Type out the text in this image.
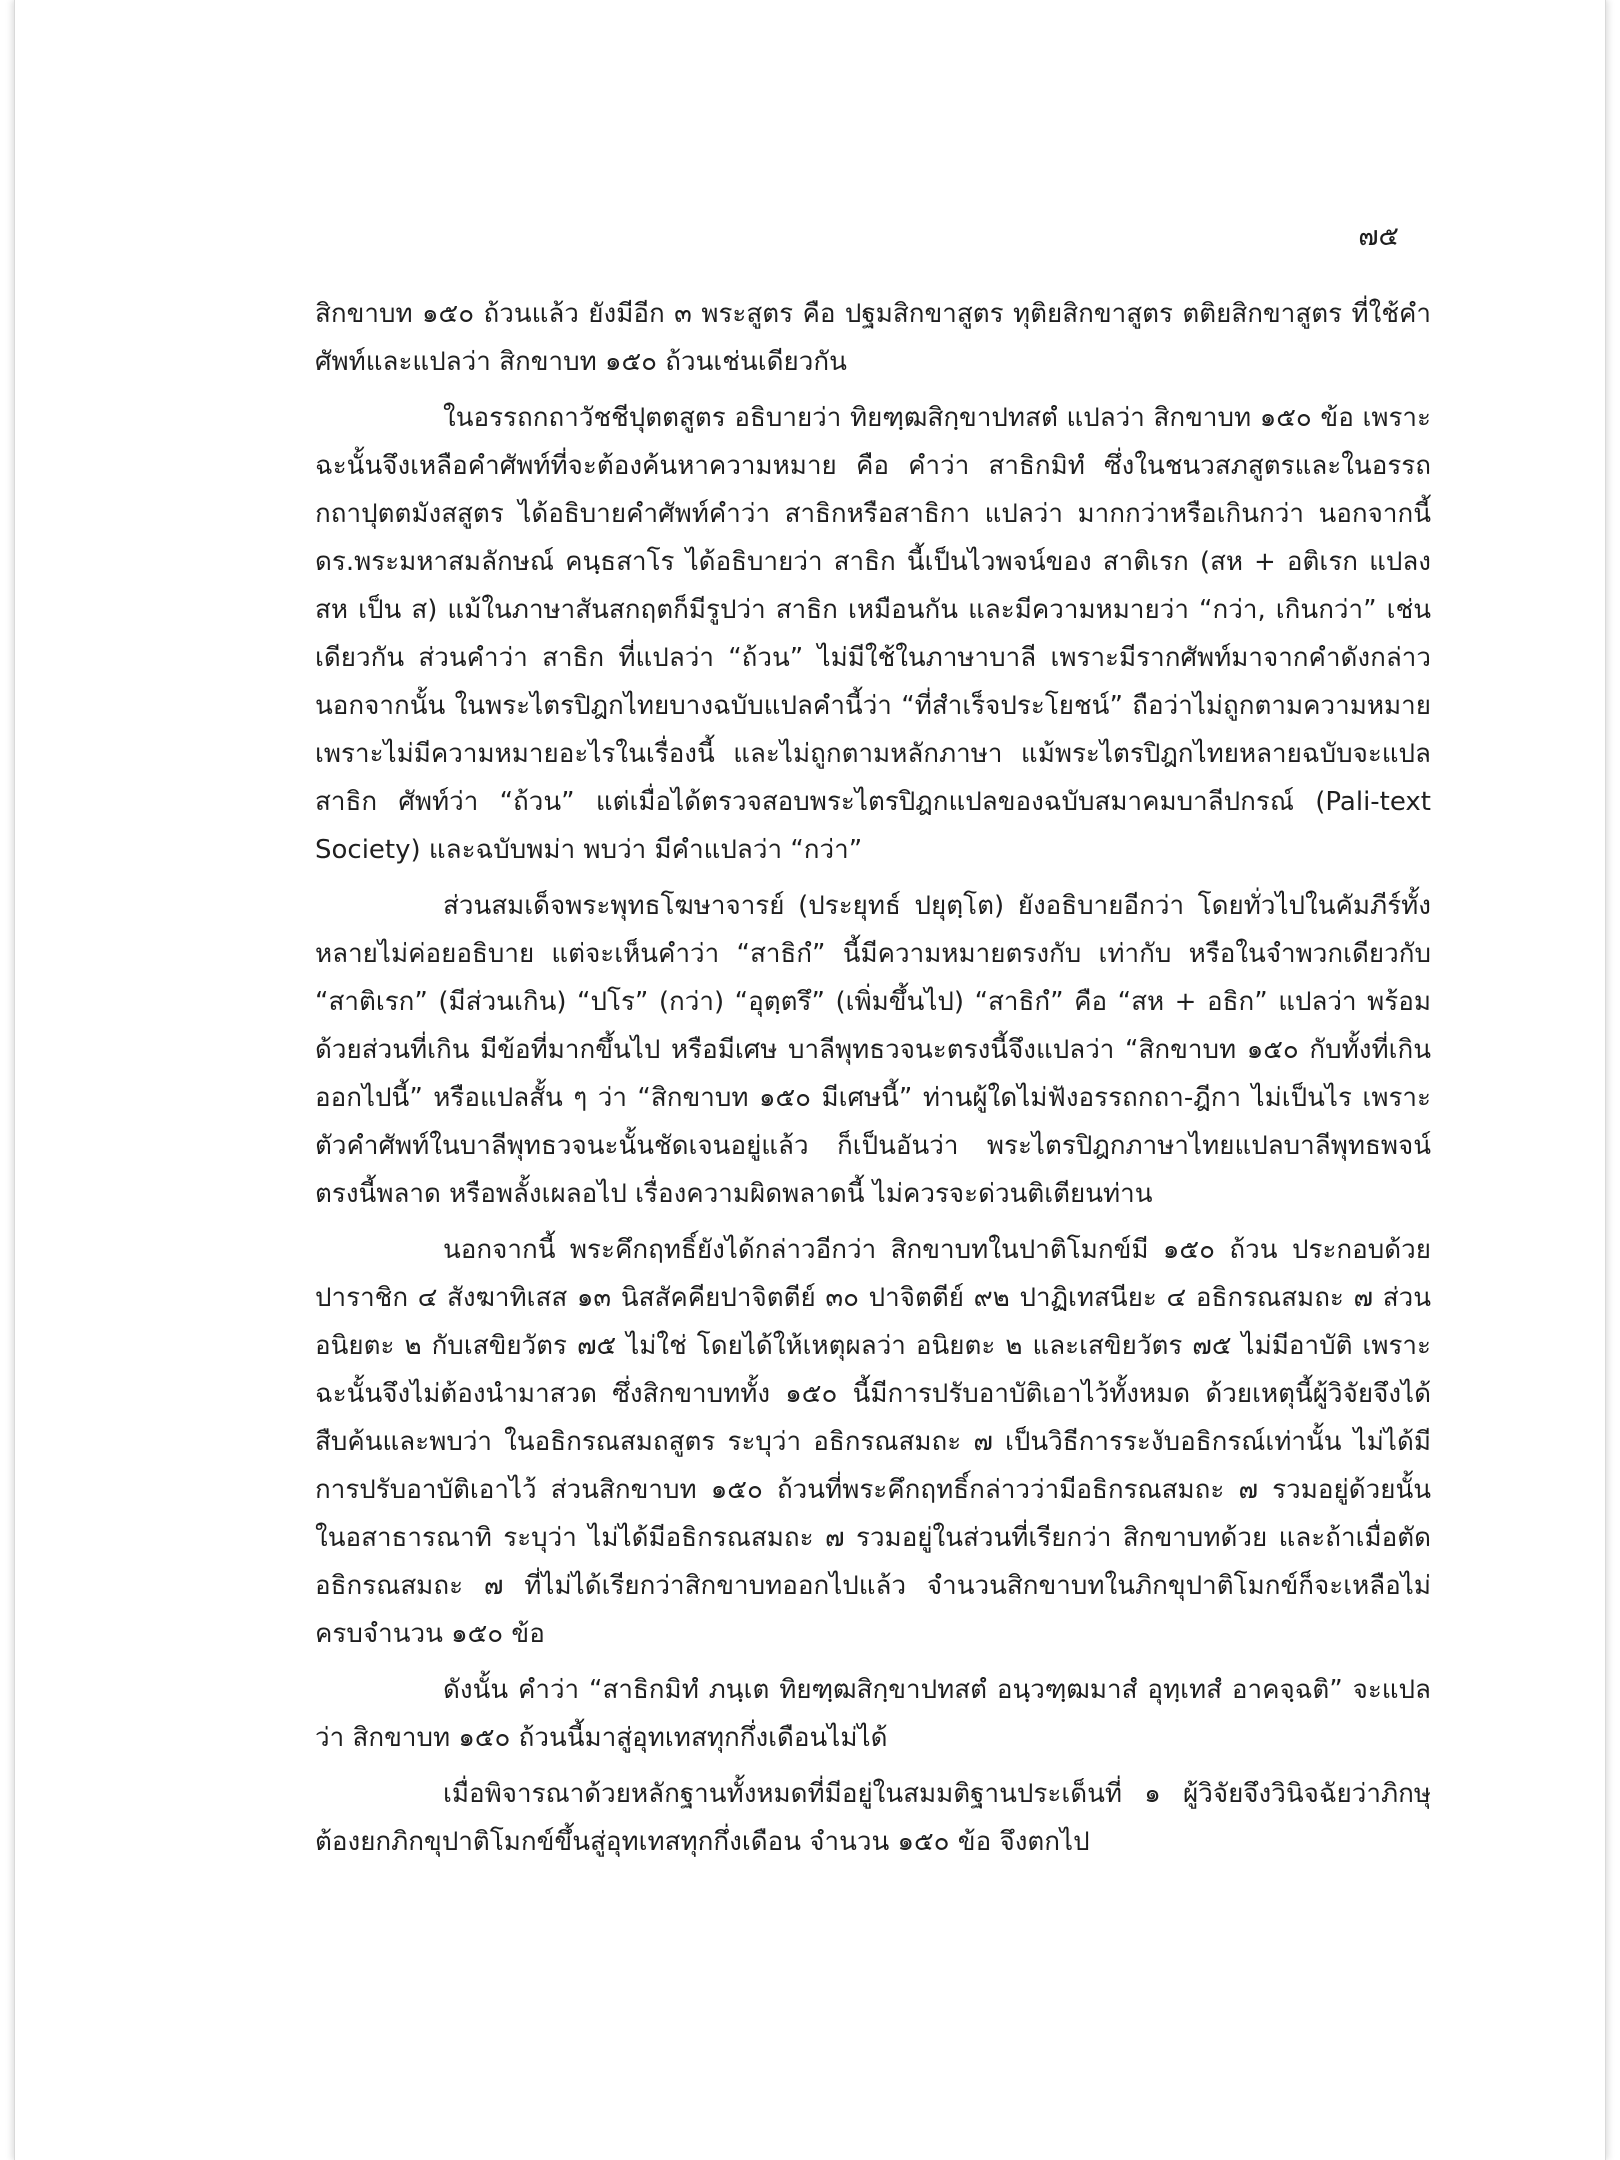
๗๕

สิกขาบท ๑๕๐ ถ้วนแล้ว ยังมีอีก ๓ พระสูตร คือ ปฐมสิกขาสูตร ทุติยสิกขาสูตร ตติยสิกขาสูตร ที่ใช้คำศัพท์และแปลว่า สิกขาบท ๑๕๐ ถ้วนเช่นเดียวกัน

ในอรรถกถาวัชชีปุตตสูตร อธิบายว่า ทิยฑฺฒสิกฺขาปทสตํ แปลว่า สิกขาบท ๑๕๐ ข้อ เพราะฉะนั้นจึงเหลือคำศัพท์ที่จะต้องค้นหาความหมาย คือ คำว่า สาธิกมิทํ ซึ่งในชนวสภสูตรและในอรรถกถาปุตตมังสสูตร ได้อธิบายคำศัพท์คำว่า สาธิกหรือสาธิกา แปลว่า มากกว่าหรือเกินกว่า นอกจากนี้ ดร.พระมหาสมลักษณ์ คนฺธสาโร ได้อธิบายว่า สาธิก นี้เป็นไวพจน์ของ สาติเรก (สห + อติเรก แปลง สห เป็น ส) แม้ในภาษาสันสกฤตก็มีรูปว่า สาธิก เหมือนกัน และมีความหมายว่า “กว่า, เกินกว่า” เช่นเดียวกัน ส่วนคำว่า สาธิก ที่แปลว่า “ถ้วน” ไม่มีใช้ในภาษาบาลี เพราะมีรากศัพท์มาจากคำดังกล่าว นอกจากนั้น ในพระไตรปิฎกไทยบางฉบับแปลคำนี้ว่า “ที่สำเร็จประโยชน์” ถือว่าไม่ถูกตามความหมาย เพราะไม่มีความหมายอะไรในเรื่องนี้ และไม่ถูกตามหลักภาษา แม้พระไตรปิฎกไทยหลายฉบับจะแปล สาธิก ศัพท์ว่า “ถ้วน” แต่เมื่อได้ตรวจสอบพระไตรปิฎกแปลของฉบับสมาคมบาลีปกรณ์ (Pali-text Society) และฉบับพม่า พบว่า มีคำแปลว่า “กว่า”

ส่วนสมเด็จพระพุทธโฆษาจารย์ (ประยุทธ์ ปยุตฺโต) ยังอธิบายอีกว่า โดยทั่วไปในคัมภีร์ทั้งหลายไม่ค่อยอธิบาย แต่จะเห็นคำว่า “สาธิกํ” นี้มีความหมายตรงกับ เท่ากับ หรือในจำพวกเดียวกับ “สาติเรก” (มีส่วนเกิน) “ปโร” (กว่า) “อุตฺตรึ” (เพิ่มขึ้นไป) “สาธิกํ” คือ “สห + อธิก” แปลว่า พร้อมด้วยส่วนที่เกิน มีข้อที่มากขึ้นไป หรือมีเศษ บาลีพุทธวจนะตรงนี้จึงแปลว่า “สิกขาบท ๑๕๐ กับทั้งที่เกินออกไปนี้” หรือแปลสั้น ๆ ว่า “สิกขาบท ๑๕๐ มีเศษนี้” ท่านผู้ใดไม่ฟังอรรถกถา-ฎีกา ไม่เป็นไร เพราะตัวคำศัพท์ในบาลีพุทธวจนะนั้นชัดเจนอยู่แล้ว ก็เป็นอันว่า พระไตรปิฎกภาษาไทยแปลบาลีพุทธพจน์ตรงนี้พลาด หรือพลั้งเผลอไป เรื่องความผิดพลาดนี้ ไม่ควรจะด่วนติเตียนท่าน

นอกจากนี้ พระคึกฤทธิ์ยังได้กล่าวอีกว่า สิกขาบทในปาติโมกข์มี ๑๕๐ ถ้วน ประกอบด้วยปาราชิก ๔ สังฆาทิเสส ๑๓ นิสสัคคียปาจิตตีย์ ๓๐ ปาจิตตีย์ ๙๒ ปาฏิเทสนียะ ๔ อธิกรณสมถะ ๗ ส่วนอนิยตะ ๒ กับเสขิยวัตร ๗๕ ไม่ใช่ โดยได้ให้เหตุผลว่า อนิยตะ ๒ และเสขิยวัตร ๗๕ ไม่มีอาบัติ เพราะฉะนั้นจึงไม่ต้องนำมาสวด ซึ่งสิกขาบททั้ง ๑๕๐ นี้มีการปรับอาบัติเอาไว้ทั้งหมด ด้วยเหตุนี้ผู้วิจัยจึงได้สืบค้นและพบว่า ในอธิกรณสมถสูตร ระบุว่า อธิกรณสมถะ ๗ เป็นวิธีการระงับอธิกรณ์เท่านั้น ไม่ได้มีการปรับอาบัติเอาไว้ ส่วนสิกขาบท ๑๕๐ ถ้วนที่พระคึกฤทธิ์กล่าวว่ามีอธิกรณสมถะ ๗ รวมอยู่ด้วยนั้น ในอสาธารณาทิ ระบุว่า ไม่ได้มีอธิกรณสมถะ ๗ รวมอยู่ในส่วนที่เรียกว่า สิกขาบทด้วย และถ้าเมื่อตัดอธิกรณสมถะ ๗ ที่ไม่ได้เรียกว่าสิกขาบทออกไปแล้ว จำนวนสิกขาบทในภิกขุปาติโมกข์ก็จะเหลือไม่ครบจำนวน ๑๕๐ ข้อ

ดังนั้น คำว่า “สาธิกมิทํ ภนฺเต ทิยฑฺฒสิกฺขาปทสตํ อนฺวฑฺฒมาสํ อุทฺเทสํ อาคจฺฉติ” จะแปลว่า สิกขาบท ๑๕๐ ถ้วนนี้มาสู่อุทเทสทุกกึ่งเดือนไม่ได้

เมื่อพิจารณาด้วยหลักฐานทั้งหมดที่มีอยู่ในสมมติฐานประเด็นที่ ๑ ผู้วิจัยจึงวินิจฉัยว่าภิกษุต้องยกภิกขุปาติโมกข์ขึ้นสู่อุทเทสทุกกึ่งเดือน จำนวน ๑๕๐ ข้อ จึงตกไป
